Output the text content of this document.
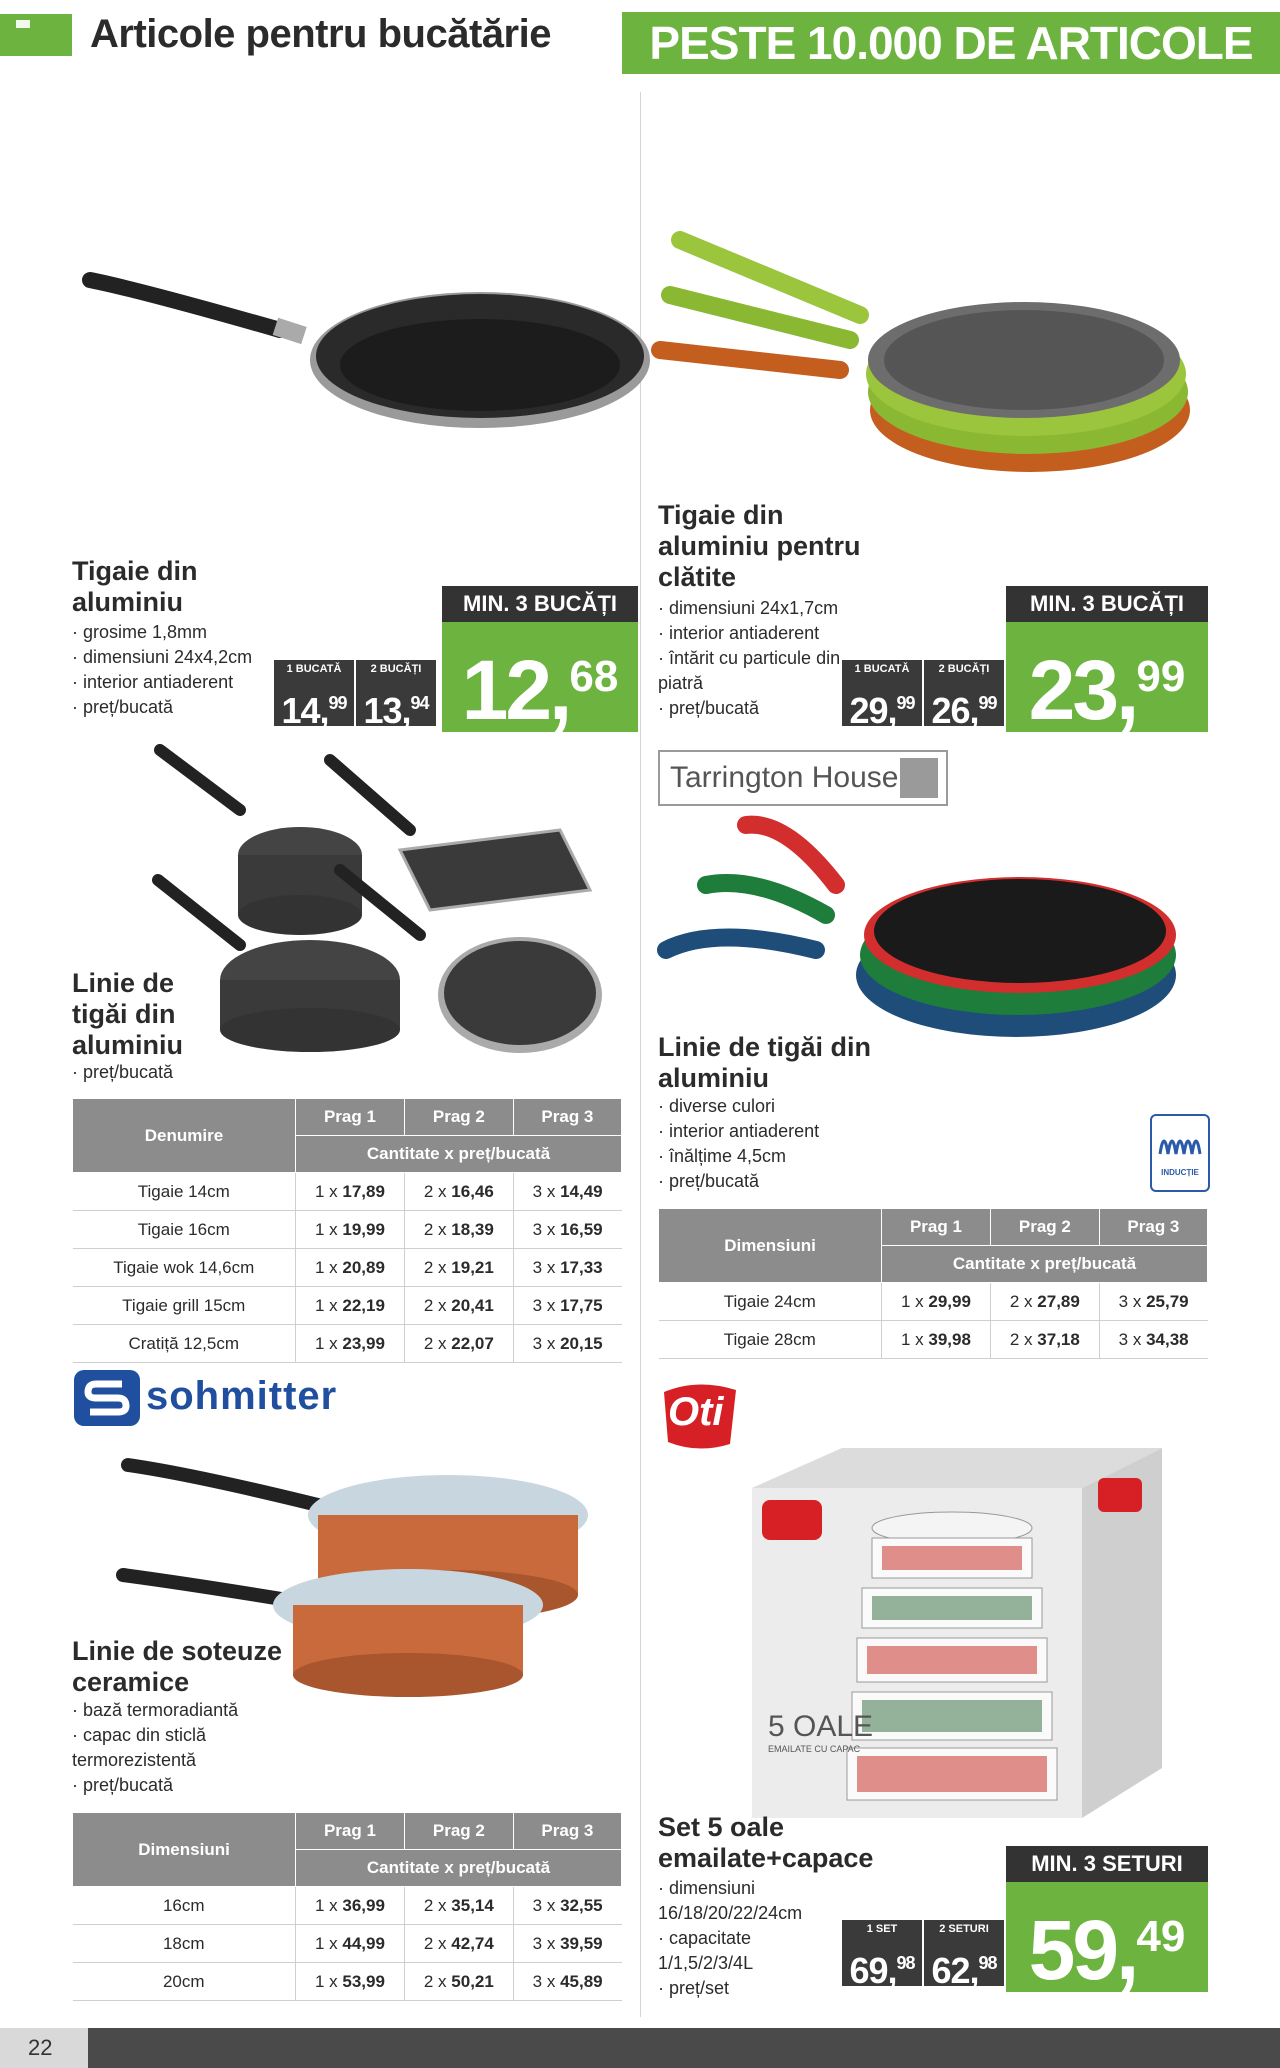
Articole pentru bucătărie	PESTE 10.000 DE ARTICOLE
Tigaie din
aluminiu
· grosime 1,8mm
· dimensiuni 24x4,2cm
· interior antiaderent
· preț/bucată
1 BUCATĂ
14,99
2 BUCĂȚI
13,94
MIN. 3 BUCĂȚI
12,68
Tigaie din
aluminiu pentru
clătite
· dimensiuni 24x1,7cm
· interior antiaderent
· întărit cu particule din
piatră
· preț/bucată
1 BUCATĂ
29,99
2 BUCĂȚI
26,99
MIN. 3 BUCĂȚI
23,99
Linie de
tigăi din
aluminiu
· preț/bucată
Denumire	Prag 1	Prag 2	Prag 3
	Cantitate x preț/bucată		
Tigaie 14cm	1 x 17,89	2 x 16,46	3 x 14,49
Tigaie 16cm	1 x 19,99	2 x 18,39	3 x 16,59
Tigaie wok 14,6cm	1 x 20,89	2 x 19,21	3 x 17,33
Tigaie grill 15cm	1 x 22,19	2 x 20,41	3 x 17,75
Cratiță 12,5cm	1 x 23,99	2 x 22,07	3 x 20,15
Tarrington House
Linie de tigăi din
aluminiu
· diverse culori
· interior antiaderent
· înălțime 4,5cm
· preț/bucată	INDUCȚIE
Dimensiuni	Prag 1	Prag 2	Prag 3
	Cantitate x preț/bucată		
Tigaie 24cm	1 x 29,99	2 x 27,89	3 x 25,79
Tigaie 28cm	1 x 39,98	2 x 37,18	3 x 34,38
sohmitter
Linie de soteuze
ceramice
· bază termoradiantă
· capac din sticlă
termorezistentă
· preț/bucată
Dimensiuni	Prag 1	Prag 2	Prag 3
	Cantitate x preț/bucată		
16cm	1 x 36,99	2 x 35,14	3 x 32,55
18cm	1 x 44,99	2 x 42,74	3 x 39,59
20cm	1 x 53,99	2 x 50,21	3 x 45,89
Oti
5 OALE
EMAILATE CU CAPAC
Set 5 oale
emailate+capace
· dimensiuni
16/18/20/22/24cm
· capacitate
1/1,5/2/3/4L
· preț/set
1 SET
69,98
2 SETURI
62,98
MIN. 3 SETURI
59,49
22
